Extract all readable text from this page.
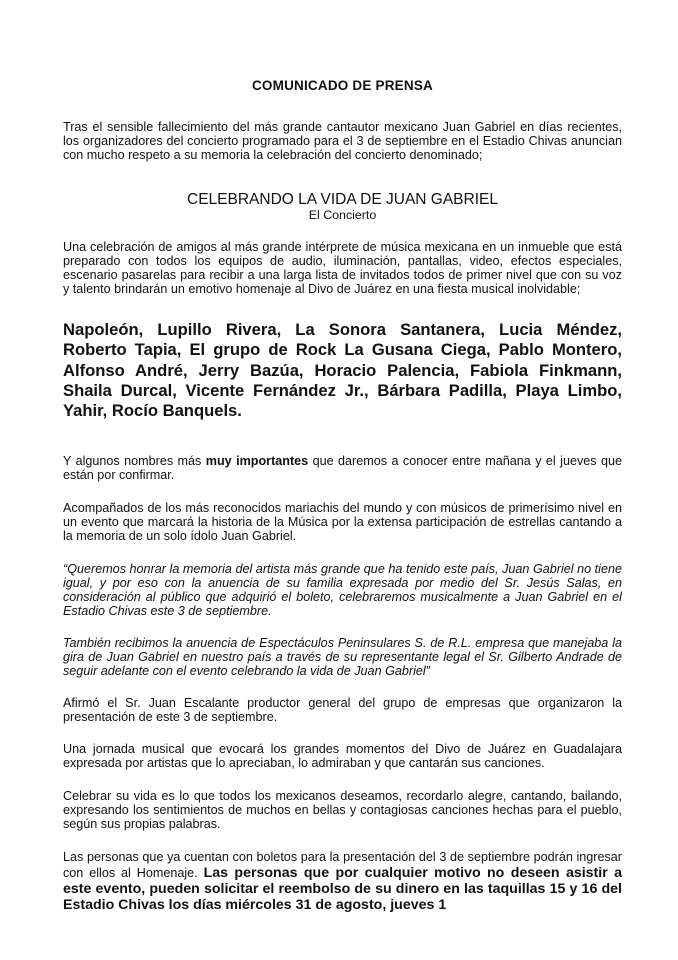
COMUNICADO DE PRENSA

Tras el sensible fallecimiento del más grande cantautor mexicano Juan Gabriel en días recientes, los organizadores del concierto programado para el 3 de septiembre en el Estadio Chivas anuncian con mucho respeto a su memoria la celebración del concierto denominado;

CELEBRANDO LA VIDA DE JUAN GABRIEL

El Concierto

Una celebración de amigos al más grande intérprete de música mexicana en un inmueble que está preparado con todos los equipos de audio, iluminación, pantallas, video, efectos especiales, escenario pasarelas para recibir a una larga lista de invitados todos de primer nivel que con su voz y talento brindarán un emotivo homenaje al Divo de Juárez en una fiesta musical inolvidable;

Napoleón, Lupillo Rivera, La Sonora Santanera, Lucia Méndez, Roberto Tapia, El grupo de Rock La Gusana Ciega, Pablo Montero, Alfonso André, Jerry Bazúa, Horacio Palencia, Fabiola Finkmann, Shaila Durcal, Vicente Fernández Jr., Bárbara Padilla, Playa Limbo, Yahir, Rocío Banquels.

Y algunos nombres más muy importantes que daremos a conocer entre mañana y el jueves que están por confirmar.

Acompañados de los más reconocidos mariachis del mundo y con músicos de primerísimo nivel en un evento que marcará la historia de la Música por la extensa participación de estrellas cantando a la memoria de un solo ídolo Juan Gabriel.

“Queremos honrar la memoria del artista más grande que ha tenido este país, Juan Gabriel no tiene igual, y por eso con la anuencia de su familia expresada por medio del Sr. Jesús Salas, en consideración al público que adquirió el boleto, celebraremos musicalmente a Juan Gabriel en el Estadio Chivas este 3 de septiembre.

También recibimos la anuencia de Espectáculos Peninsulares S. de R.L. empresa que manejaba la gira de Juan Gabriel en nuestro país a través de su representante legal el Sr. Gilberto Andrade de seguir adelante con el evento celebrando la vida de Juan Gabriel”

Afirmó el Sr. Juan Escalante productor general del grupo de empresas que organizaron la presentación de este 3 de septiembre.

Una jornada musical que evocará los grandes momentos del Divo de Juárez en Guadalajara expresada por artistas que lo apreciaban, lo admiraban y que cantarán sus canciones.

Celebrar su vida es lo que todos los mexicanos deseamos, recordarlo alegre, cantando, bailando, expresando los sentimientos de muchos en bellas y contagiosas canciones hechas para el pueblo, según sus propias palabras.

Las personas que ya cuentan con boletos para la presentación del 3 de septiembre podrán ingresar con ellos al Homenaje. Las personas que por cualquier motivo no deseen asistir a este evento, pueden solicitar el reembolso de su dinero en las taquillas 15 y 16 del Estadio Chivas los días miércoles 31 de agosto, jueves 1
